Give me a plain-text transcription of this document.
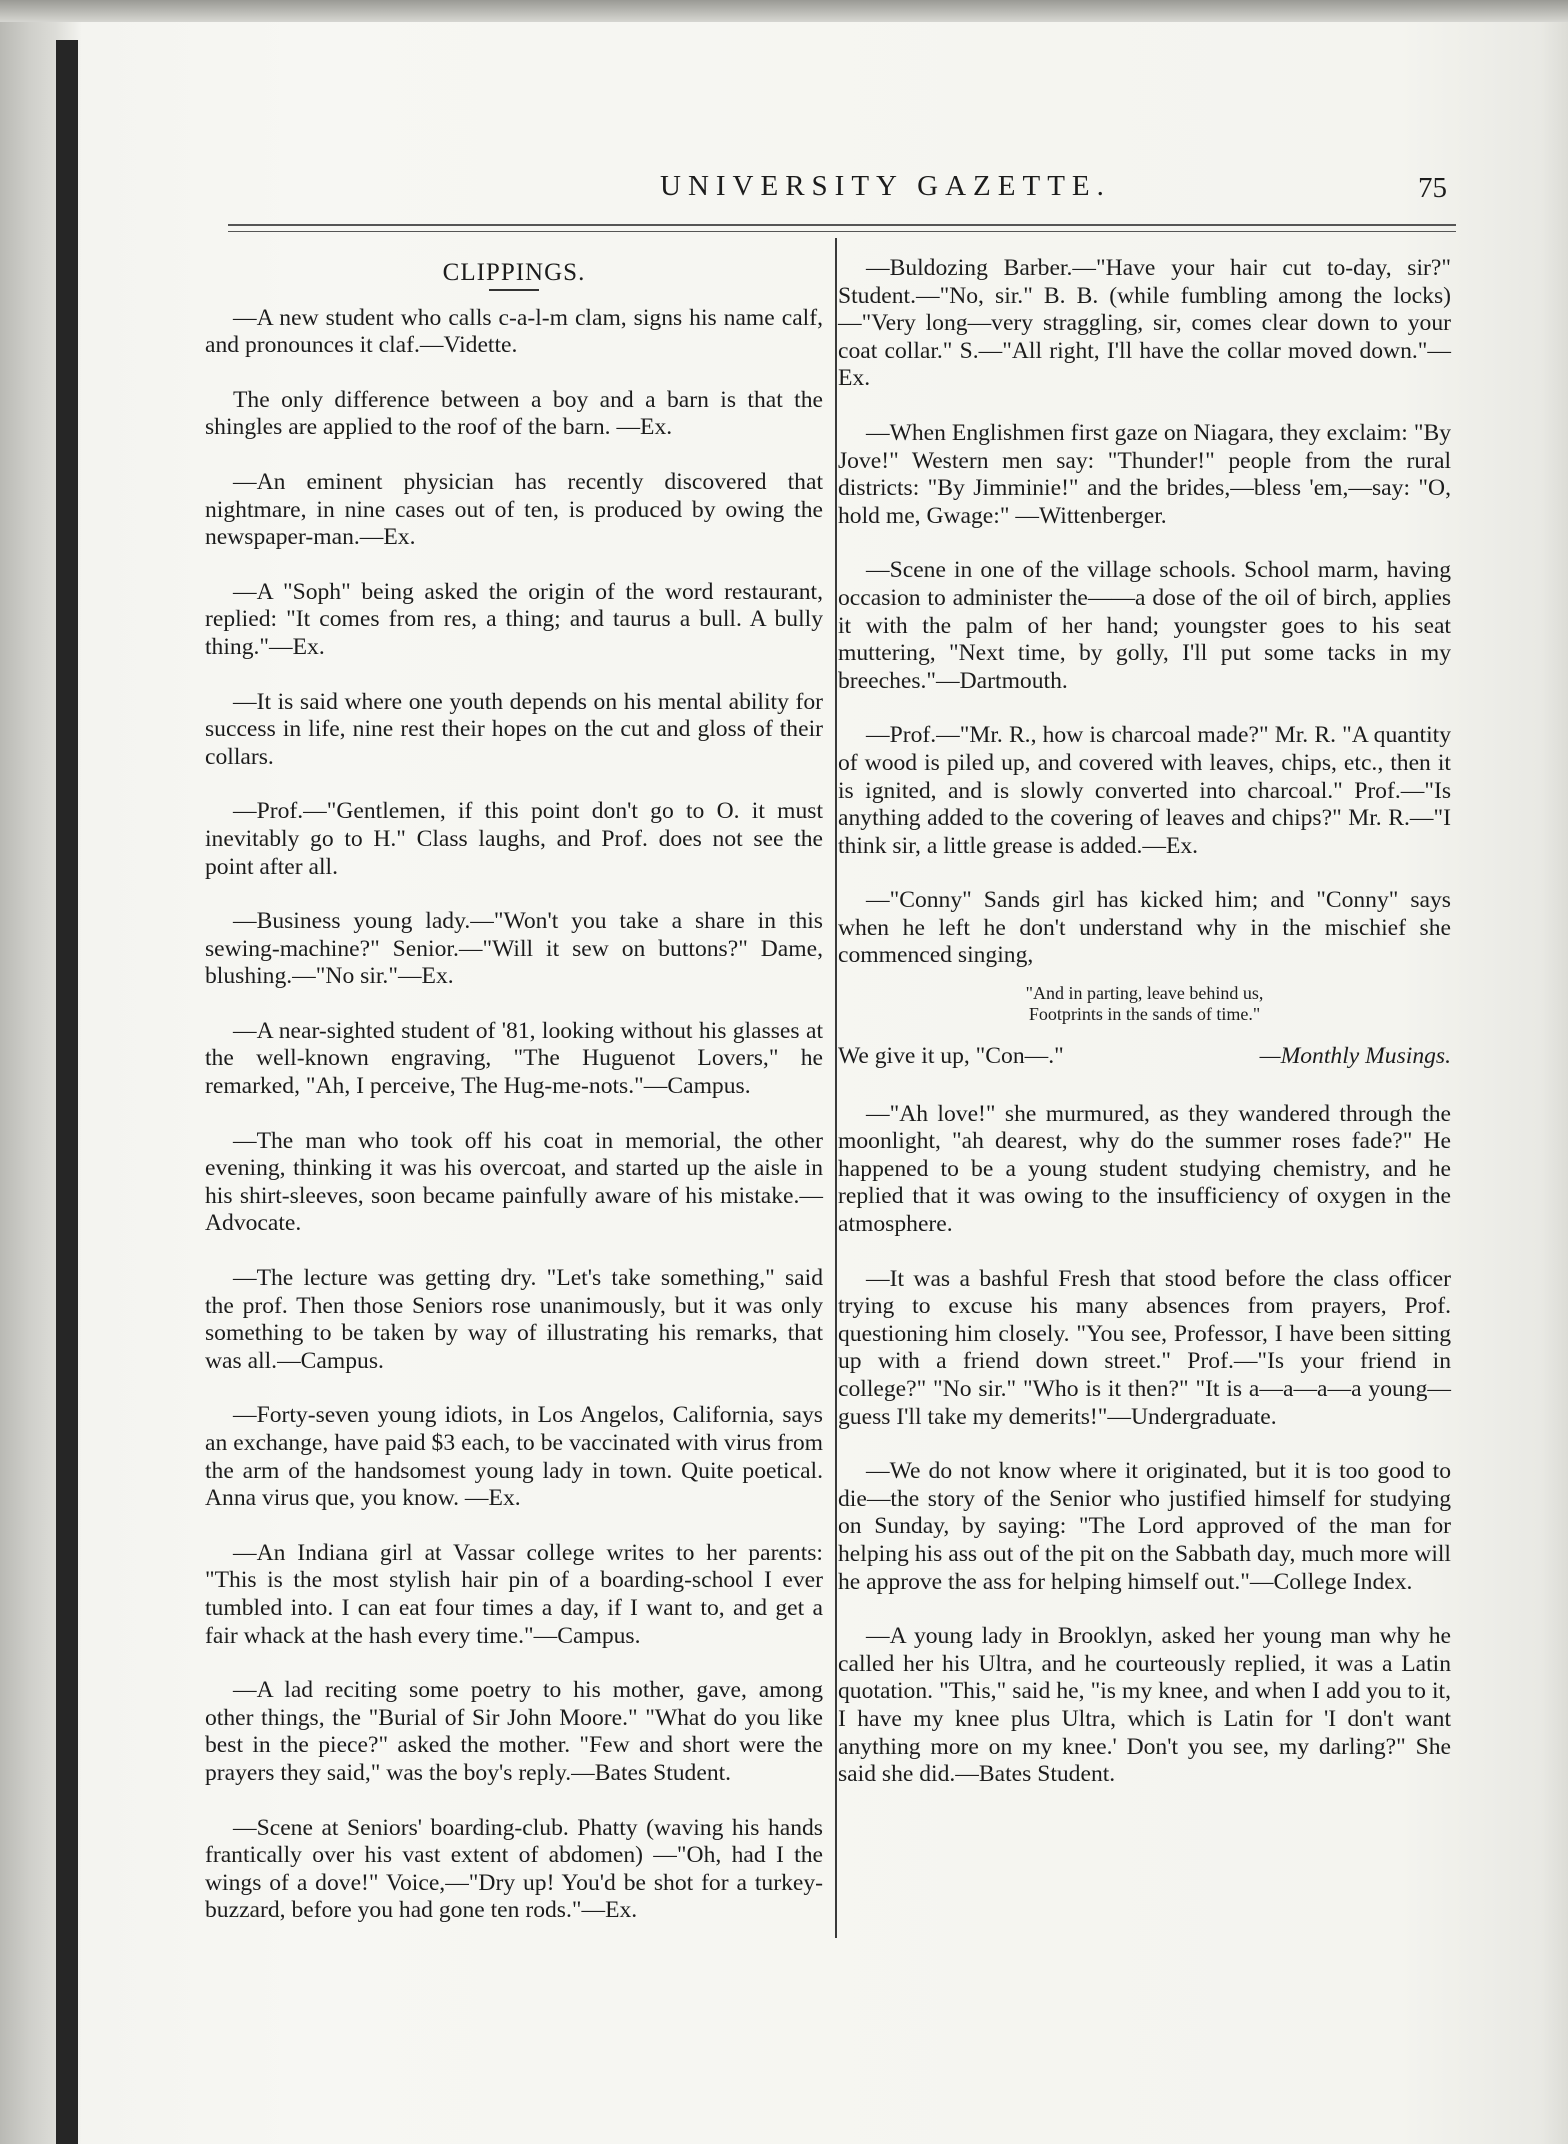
UNIVERSITY GAZETTE.	75
CLIPPINGS.

—A new student who calls c-a-l-m clam, signs his name calf, and pronounces it claf.—Vidette.

The only difference between a boy and a barn is that the shingles are applied to the roof of the barn. —Ex.

—An eminent physician has recently discovered that nightmare, in nine cases out of ten, is produced by owing the newspaper-man.—Ex.

—A "Soph" being asked the origin of the word restaurant, replied: "It comes from res, a thing; and taurus a bull. A bully thing."—Ex.

—It is said where one youth depends on his mental ability for success in life, nine rest their hopes on the cut and gloss of their collars.

—Prof.—"Gentlemen, if this point don't go to O. it must inevitably go to H." Class laughs, and Prof. does not see the point after all.

—Business young lady.—"Won't you take a share in this sewing-machine?" Senior.—"Will it sew on buttons?" Dame, blushing.—"No sir."—Ex.

—A near-sighted student of '81, looking without his glasses at the well-known engraving, "The Huguenot Lovers," he remarked, "Ah, I perceive, The Hug-me-nots."—Campus.

—The man who took off his coat in memorial, the other evening, thinking it was his overcoat, and started up the aisle in his shirt-sleeves, soon became painfully aware of his mistake.—Advocate.

—The lecture was getting dry. "Let's take something," said the prof. Then those Seniors rose unanimously, but it was only something to be taken by way of illustrating his remarks, that was all.—Campus.

—Forty-seven young idiots, in Los Angelos, California, says an exchange, have paid $3 each, to be vaccinated with virus from the arm of the handsomest young lady in town. Quite poetical. Anna virus que, you know. —Ex.

—An Indiana girl at Vassar college writes to her parents: "This is the most stylish hair pin of a boarding-school I ever tumbled into. I can eat four times a day, if I want to, and get a fair whack at the hash every time."—Campus.

—A lad reciting some poetry to his mother, gave, among other things, the "Burial of Sir John Moore." "What do you like best in the piece?" asked the mother. "Few and short were the prayers they said," was the boy's reply.—Bates Student.

—Scene at Seniors' boarding-club. Phatty (waving his hands frantically over his vast extent of abdomen) —"Oh, had I the wings of a dove!" Voice,—"Dry up! You'd be shot for a turkey-buzzard, before you had gone ten rods."—Ex.

—Buldozing Barber.—"Have your hair cut to-day, sir?" Student.—"No, sir." B. B. (while fumbling among the locks) —"Very long—very straggling, sir, comes clear down to your coat collar." S.—"All right, I'll have the collar moved down."—Ex.

—When Englishmen first gaze on Niagara, they exclaim: "By Jove!" Western men say: "Thunder!" people from the rural districts: "By Jimminie!" and the brides,—bless 'em,—say: "O, hold me, Gwage:" —Wittenberger.

—Scene in one of the village schools. School marm, having occasion to administer the——a dose of the oil of birch, applies it with the palm of her hand; youngster goes to his seat muttering, "Next time, by golly, I'll put some tacks in my breeches."—Dartmouth.

—Prof.—"Mr. R., how is charcoal made?" Mr. R. "A quantity of wood is piled up, and covered with leaves, chips, etc., then it is ignited, and is slowly converted into charcoal." Prof.—"Is anything added to the covering of leaves and chips?" Mr. R.—"I think sir, a little grease is added.—Ex.

—"Conny" Sands girl has kicked him; and "Conny" says when he left he don't understand why in the mischief she commenced singing,

"And in parting, leave behind us,
Footprints in the sands of time."
We give it up, "Con—."	—Monthly Musings.

—"Ah love!" she murmured, as they wandered through the moonlight, "ah dearest, why do the summer roses fade?" He happened to be a young student studying chemistry, and he replied that it was owing to the insufficiency of oxygen in the atmosphere.

—It was a bashful Fresh that stood before the class officer trying to excuse his many absences from prayers, Prof. questioning him closely. "You see, Professor, I have been sitting up with a friend down street." Prof.—"Is your friend in college?" "No sir." "Who is it then?" "It is a—a—a—a young—guess I'll take my demerits!"—Undergraduate.

—We do not know where it originated, but it is too good to die—the story of the Senior who justified himself for studying on Sunday, by saying: "The Lord approved of the man for helping his ass out of the pit on the Sabbath day, much more will he approve the ass for helping himself out."—College Index.

—A young lady in Brooklyn, asked her young man why he called her his Ultra, and he courteously replied, it was a Latin quotation. "This," said he, "is my knee, and when I add you to it, I have my knee plus Ultra, which is Latin for 'I don't want anything more on my knee.' Don't you see, my darling?" She said she did.—Bates Student.
